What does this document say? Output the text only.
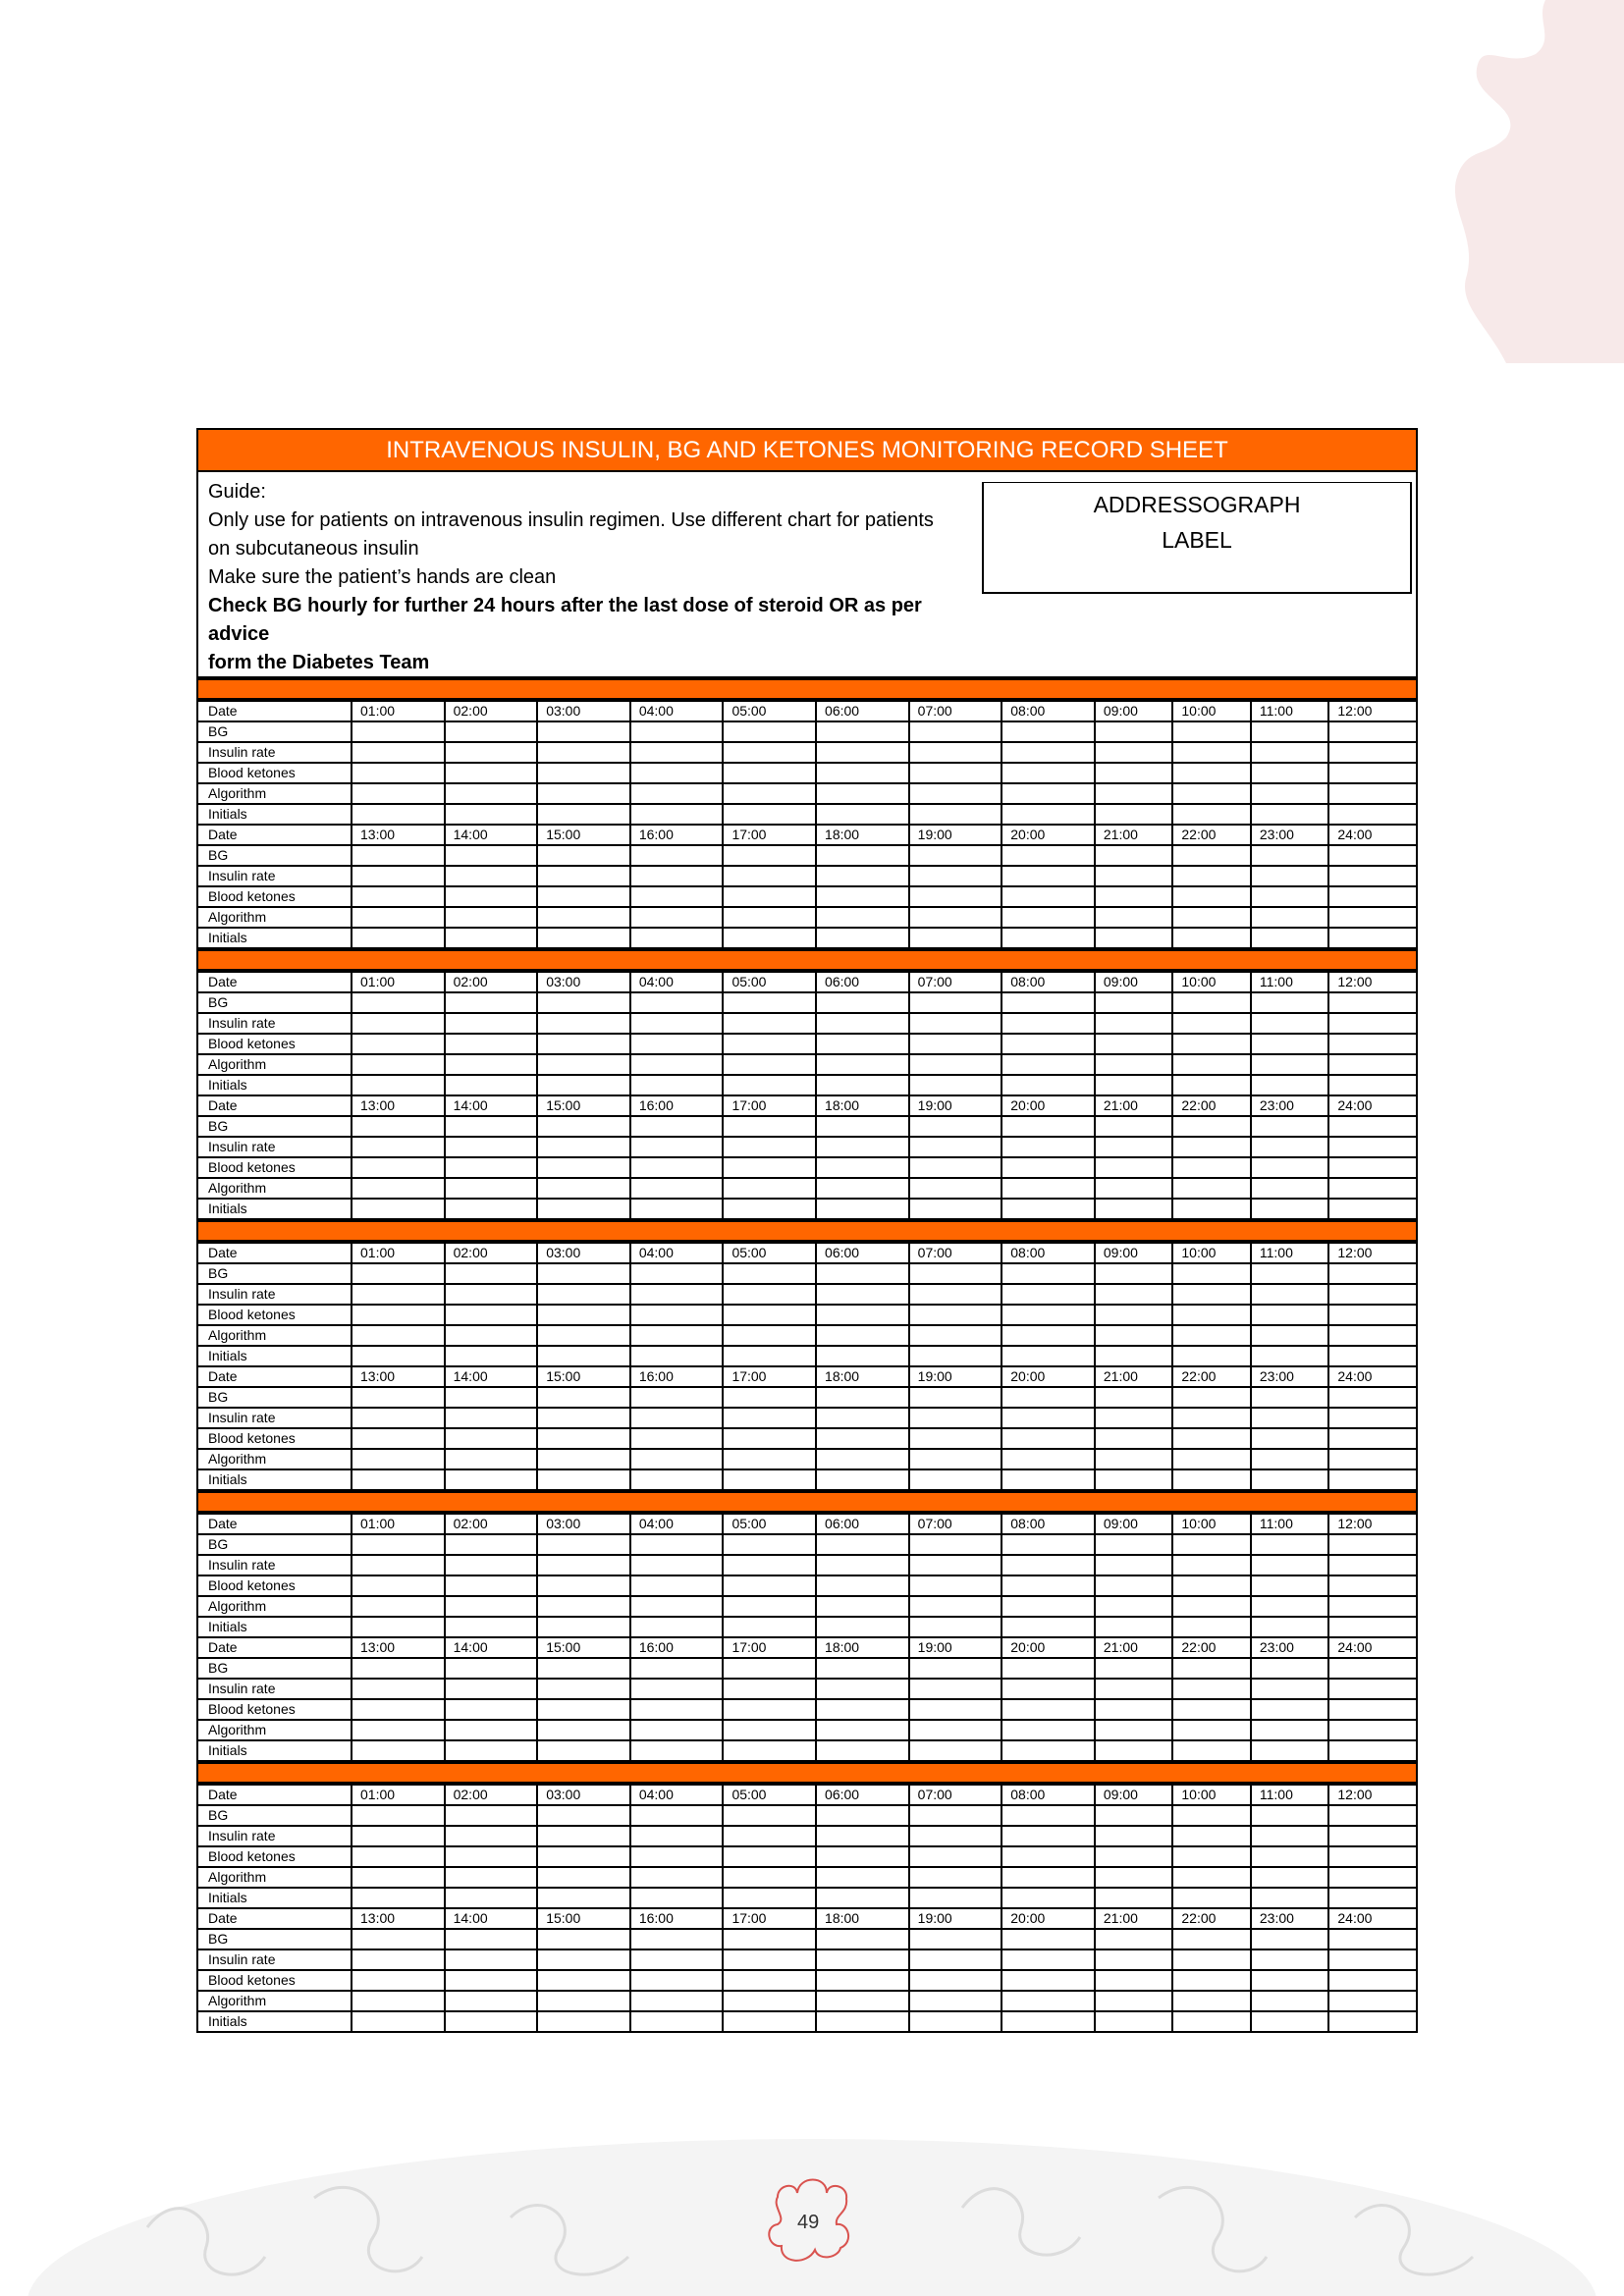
INTRAVENOUS INSULIN, BG AND KETONES MONITORING RECORD SHEET
Guide:
Only use for patients on intravenous insulin regimen. Use different chart for patients
on subcutaneous insulin
Make sure the patient’s hands are clean
Check BG hourly for further 24 hours after the last dose of steroid OR as per advice
form the Diabetes Team
ADDRESSOGRAPH
LABEL
Date	01:00	02:00	03:00	04:00	05:00	06:00	07:00	08:00	09:00	10:00	11:00	12:00
BG												
Insulin rate												
Blood ketones												
Algorithm												
Initials												
Date	13:00	14:00	15:00	16:00	17:00	18:00	19:00	20:00	21:00	22:00	23:00	24:00
BG												
Insulin rate												
Blood ketones												
Algorithm												
Initials												
Date	01:00	02:00	03:00	04:00	05:00	06:00	07:00	08:00	09:00	10:00	11:00	12:00
BG												
Insulin rate												
Blood ketones												
Algorithm												
Initials												
Date	13:00	14:00	15:00	16:00	17:00	18:00	19:00	20:00	21:00	22:00	23:00	24:00
BG												
Insulin rate												
Blood ketones												
Algorithm												
Initials												
Date	01:00	02:00	03:00	04:00	05:00	06:00	07:00	08:00	09:00	10:00	11:00	12:00
BG												
Insulin rate												
Blood ketones												
Algorithm												
Initials												
Date	13:00	14:00	15:00	16:00	17:00	18:00	19:00	20:00	21:00	22:00	23:00	24:00
BG												
Insulin rate												
Blood ketones												
Algorithm												
Initials												
Date	01:00	02:00	03:00	04:00	05:00	06:00	07:00	08:00	09:00	10:00	11:00	12:00
BG												
Insulin rate												
Blood ketones												
Algorithm												
Initials												
Date	13:00	14:00	15:00	16:00	17:00	18:00	19:00	20:00	21:00	22:00	23:00	24:00
BG												
Insulin rate												
Blood ketones												
Algorithm												
Initials												
Date	01:00	02:00	03:00	04:00	05:00	06:00	07:00	08:00	09:00	10:00	11:00	12:00
BG												
Insulin rate												
Blood ketones												
Algorithm												
Initials												
Date	13:00	14:00	15:00	16:00	17:00	18:00	19:00	20:00	21:00	22:00	23:00	24:00
BG												
Insulin rate												
Blood ketones												
Algorithm												
Initials												
49
